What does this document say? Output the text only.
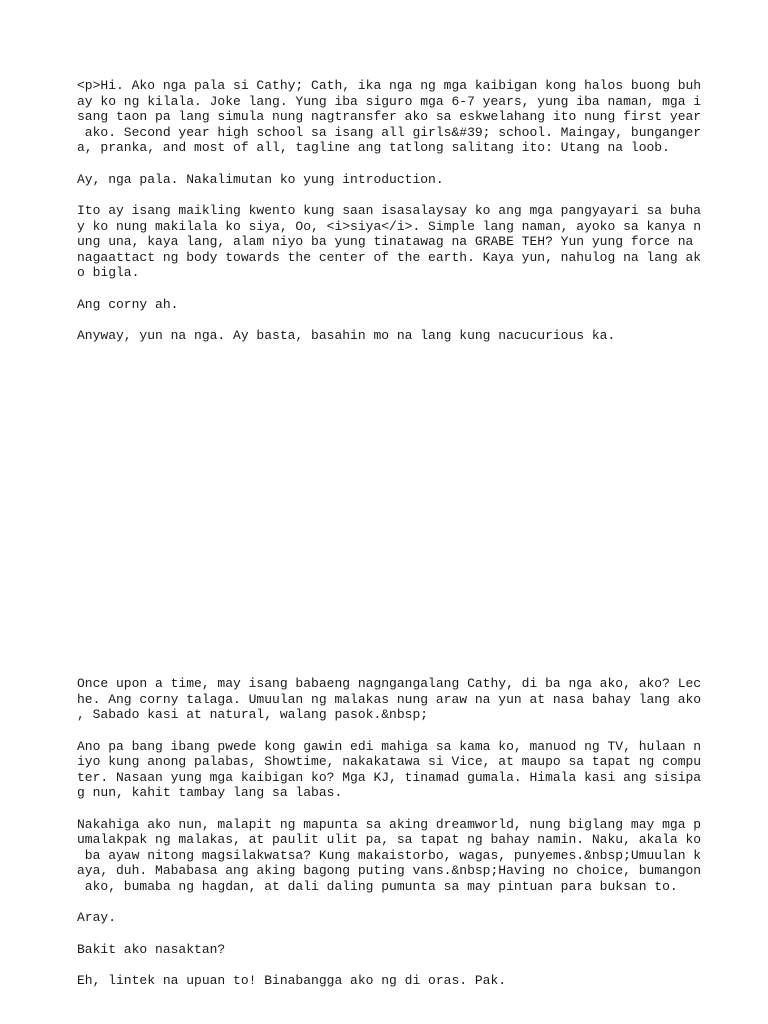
<p>Hi. Ako nga pala si Cathy; Cath, ika nga ng mga kaibigan kong halos buong buh
ay ko ng kilala. Joke lang. Yung iba siguro mga 6-7 years, yung iba naman, mga i
sang taon pa lang simula nung nagtransfer ako sa eskwelahang ito nung first year
ako. Second year high school sa isang all girls&#39; school. Maingay, bunganger
a, pranka, and most of all, tagline ang tatlong salitang ito: Utang na loob.
Ay, nga pala. Nakalimutan ko yung introduction.
Ito ay isang maikling kwento kung saan isasalaysay ko ang mga pangyayari sa buha
y ko nung makilala ko siya, Oo, <i>siya</i>. Simple lang naman, ayoko sa kanya n
ung una, kaya lang, alam niyo ba yung tinatawag na GRABE TEH? Yun yung force na
nagaattact ng body towards the center of the earth. Kaya yun, nahulog na lang ak
o bigla.
Ang corny ah.
Anyway, yun na nga. Ay basta, basahin mo na lang kung nacucurious ka.
Once upon a time, may isang babaeng nagngangalang Cathy, di ba nga ako, ako? Lec
he. Ang corny talaga. Umuulan ng malakas nung araw na yun at nasa bahay lang ako
, Sabado kasi at natural, walang pasok.&nbsp;
Ano pa bang ibang pwede kong gawin edi mahiga sa kama ko, manuod ng TV, hulaan n
iyo kung anong palabas, Showtime, nakakatawa si Vice, at maupo sa tapat ng compu
ter. Nasaan yung mga kaibigan ko? Mga KJ, tinamad gumala. Himala kasi ang sisipa
g nun, kahit tambay lang sa labas.
Nakahiga ako nun, malapit ng mapunta sa aking dreamworld, nung biglang may mga p
umalakpak ng malakas, at paulit ulit pa, sa tapat ng bahay namin. Naku, akala ko
ba ayaw nitong magsilakwatsa? Kung makaistorbo, wagas, punyemes.&nbsp;Umuulan k
aya, duh. Mababasa ang aking bagong puting vans.&nbsp;Having no choice, bumangon
ako, bumaba ng hagdan, at dali daling pumunta sa may pintuan para buksan to.
Aray.
Bakit ako nasaktan?
Eh, lintek na upuan to! Binabangga ako ng di oras. Pak.
